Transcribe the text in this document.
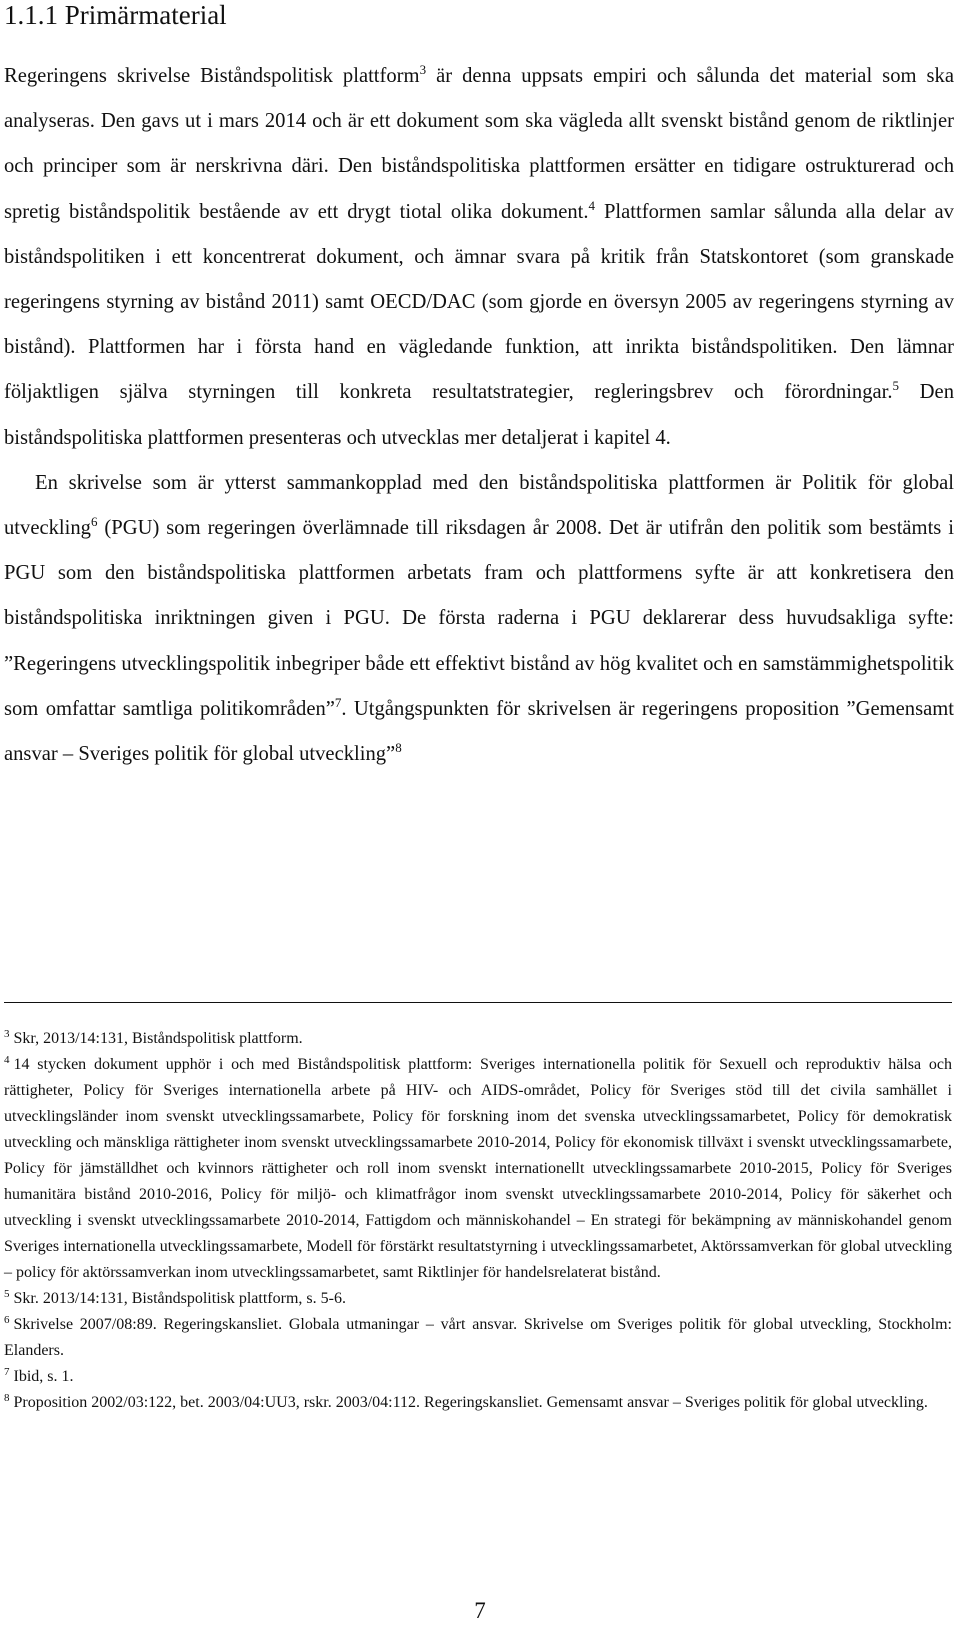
1.1.1 Primärmaterial

Regeringens skrivelse Biståndspolitisk plattform$^3$ är denna uppsats empiri och sålunda det material som ska analyseras. Den gavs ut i mars 2014 och är ett dokument som ska vägleda allt svenskt bistånd genom de riktlinjer och principer som är nerskrivna däri. Den biståndspolitiska plattformen ersätter en tidigare ostrukturerad och spretig biståndspolitik bestående av ett drygt tiotal olika dokument.$^4$ Plattformen samlar sålunda alla delar av biståndspolitiken i ett koncentrerat dokument, och ämnar svara på kritik från Statskontoret (som granskade regeringens styrning av bistånd 2011) samt OECD/DAC (som gjorde en översyn 2005 av regeringens styrning av bistånd). Plattformen har i första hand en vägledande funktion, att inrikta biståndspolitiken. Den lämnar följaktligen själva styrningen till konkreta resultatstrategier, regleringsbrev och förordningar.$^5$ Den biståndspolitiska plattformen presenteras och utvecklas mer detaljerat i kapitel 4.

En skrivelse som är ytterst sammankopplad med den biståndspolitiska plattformen är Politik för global utveckling$^6$ (PGU) som regeringen överlämnade till riksdagen år 2008. Det är utifrån den politik som bestämts i PGU som den biståndspolitiska plattformen arbetats fram och plattformens syfte är att konkretisera den biståndspolitiska inriktningen given i PGU. De första raderna i PGU deklarerar dess huvudsakliga syfte: ”Regeringens utvecklingspolitik inbegriper både ett effektivt bistånd av hög kvalitet och en samstämmighetspolitik som omfattar samtliga politikområden”$^7$. Utgångspunkten för skrivelsen är regeringens proposition ”Gemensamt ansvar – Sveriges politik för global utveckling”$^8$

$^3$ Skr, 2013/14:131, Biståndspolitisk plattform.

$^4$ 14 stycken dokument upphör i och med Biståndspolitisk plattform: Sveriges internationella politik för Sexuell och reproduktiv hälsa och rättigheter, Policy för Sveriges internationella arbete på HIV- och AIDS-området, Policy för Sveriges stöd till det civila samhället i utvecklingsländer inom svenskt utvecklingssamarbete, Policy för forskning inom det svenska utvecklingssamarbetet, Policy för demokratisk utveckling och mänskliga rättigheter inom svenskt utvecklingssamarbete 2010-2014, Policy för ekonomisk tillväxt i svenskt utvecklingssamarbete, Policy för jämställdhet och kvinnors rättigheter och roll inom svenskt internationellt utvecklingssamarbete 2010-2015, Policy för Sveriges humanitära bistånd 2010-2016, Policy för miljö- och klimatfrågor inom svenskt utvecklingssamarbete 2010-2014, Policy för säkerhet och utveckling i svenskt utvecklingssamarbete 2010-2014, Fattigdom och människohandel – En strategi för bekämpning av människohandel genom Sveriges internationella utvecklingssamarbete, Modell för förstärkt resultatstyrning i utvecklingssamarbetet, Aktörssamverkan för global utveckling – policy för aktörssamverkan inom utvecklingssamarbetet, samt Riktlinjer för handelsrelaterat bistånd.

$^5$ Skr. 2013/14:131, Biståndspolitisk plattform, s. 5-6.

$^6$ Skrivelse 2007/08:89. Regeringskansliet. Globala utmaningar – vårt ansvar. Skrivelse om Sveriges politik för global utveckling, Stockholm: Elanders.

$^7$ Ibid, s. 1.

$^8$ Proposition 2002/03:122, bet. 2003/04:UU3, rskr. 2003/04:112. Regeringskansliet. Gemensamt ansvar – Sveriges politik för global utveckling.

7
